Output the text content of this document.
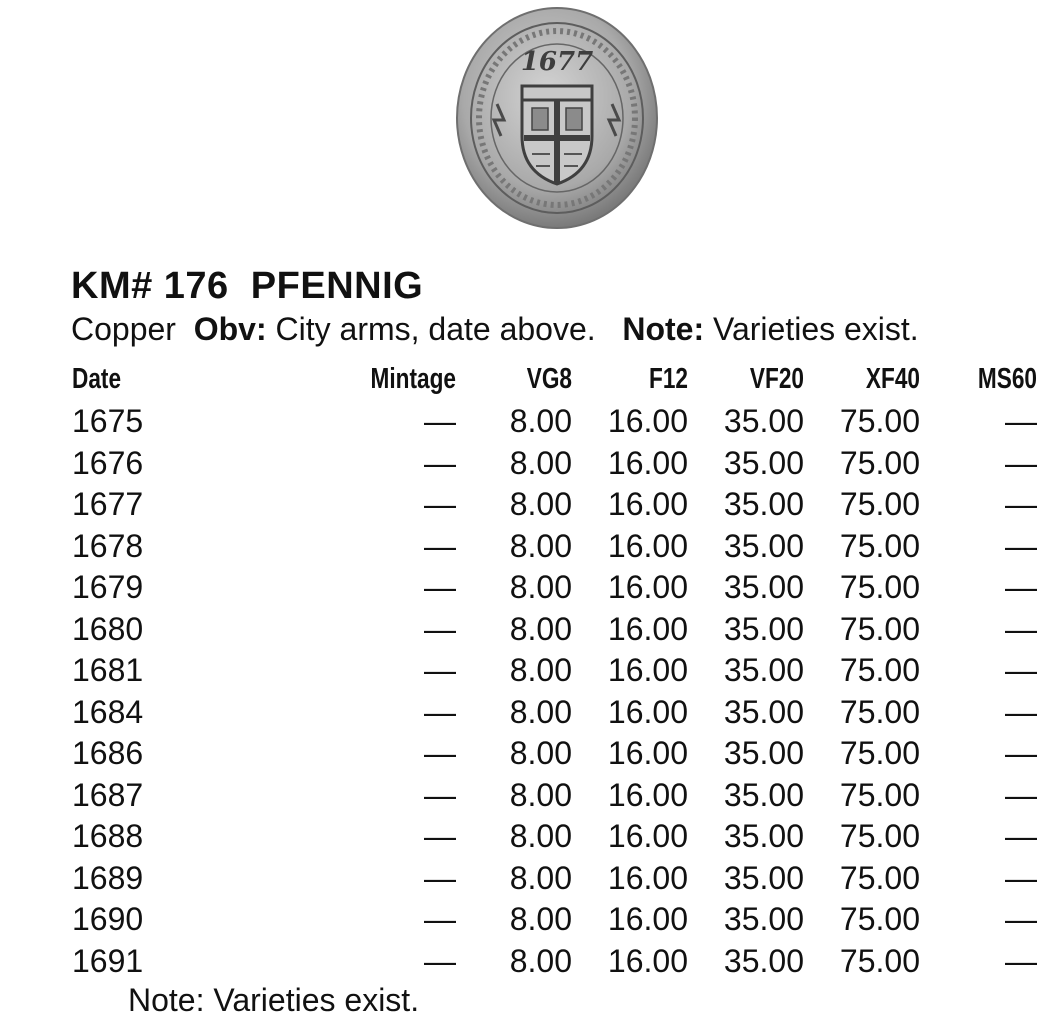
1677
KM# 176  PFENNIG
Copper Obv: City arms, date above. Note: Varieties exist.
Date	Mintage	VG8	F12	VF20	XF40	MS60
1675	—	8.00	16.00	35.00	75.00	—
1676	—	8.00	16.00	35.00	75.00	—
1677	—	8.00	16.00	35.00	75.00	—
1678	—	8.00	16.00	35.00	75.00	—
1679	—	8.00	16.00	35.00	75.00	—
1680	—	8.00	16.00	35.00	75.00	—
1681	—	8.00	16.00	35.00	75.00	—
1684	—	8.00	16.00	35.00	75.00	—
1686	—	8.00	16.00	35.00	75.00	—
1687	—	8.00	16.00	35.00	75.00	—
1688	—	8.00	16.00	35.00	75.00	—
1689	—	8.00	16.00	35.00	75.00	—
1690	—	8.00	16.00	35.00	75.00	—
1691	—	8.00	16.00	35.00	75.00	—
Note: Varieties exist.
